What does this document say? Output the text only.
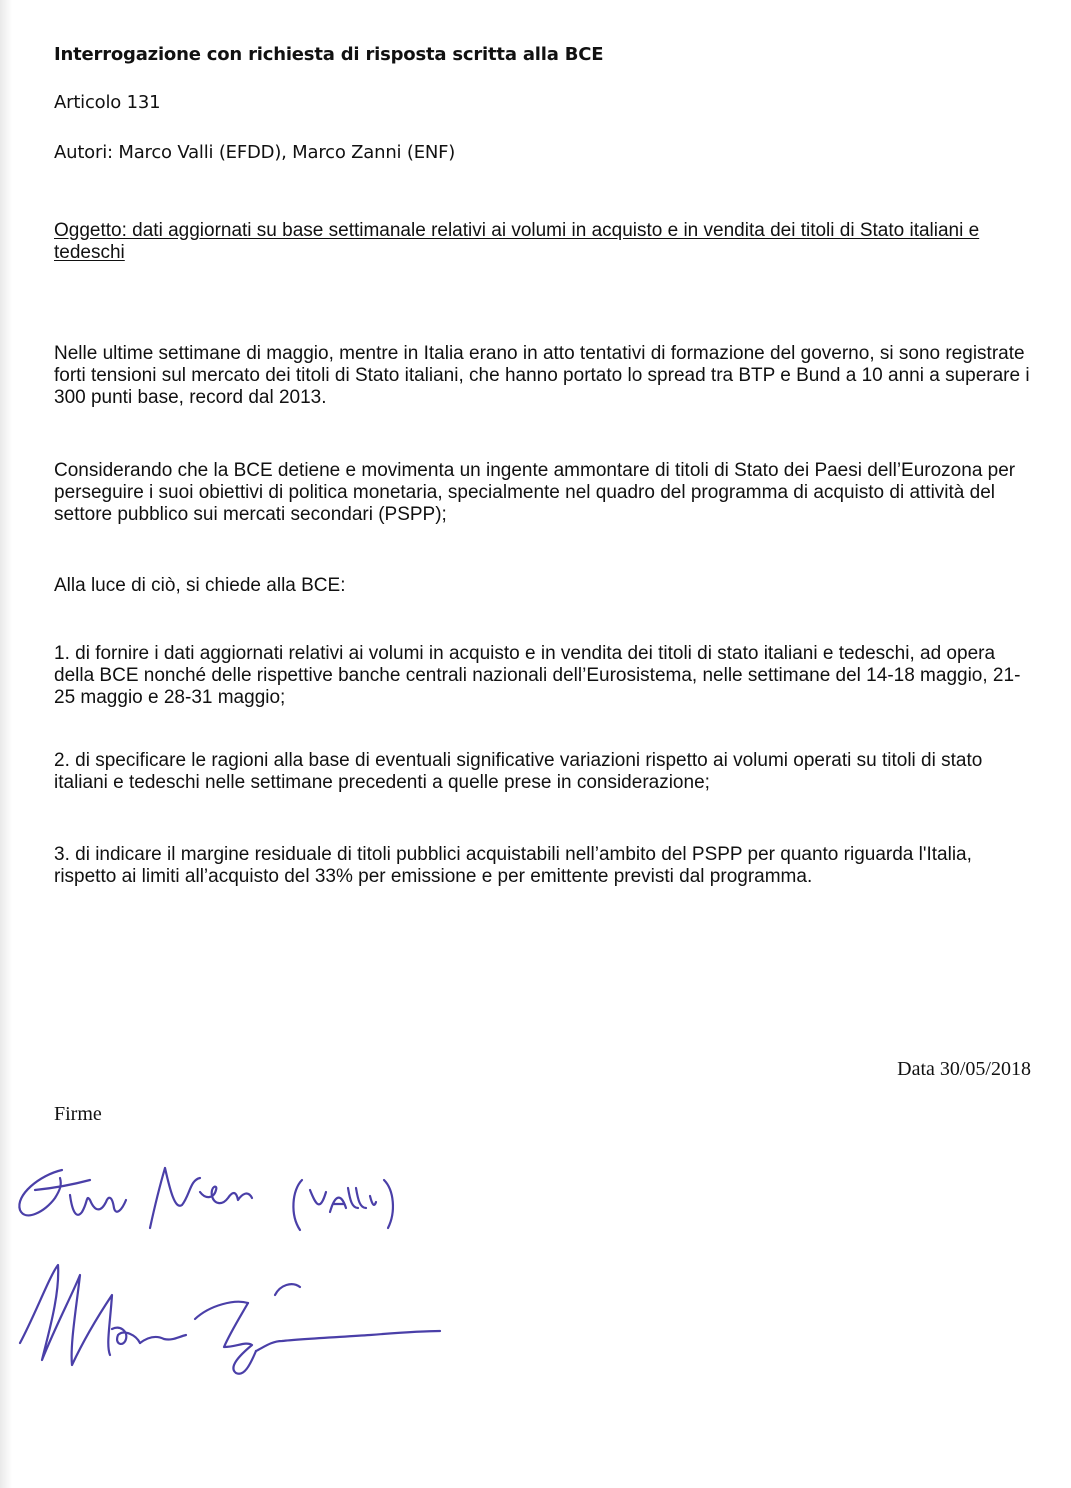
Interrogazione con richiesta di risposta scritta alla BCE
Articolo 131
Autori: Marco Valli (EFDD), Marco Zanni (ENF)
Oggetto: dati aggiornati su base settimanale relativi ai volumi in acquisto e in vendita dei titoli di Stato italiani e tedeschi

Nelle ultime settimane di maggio, mentre in Italia erano in atto tentativi di formazione del governo, si sono registrate forti tensioni sul mercato dei titoli di Stato italiani, che hanno portato lo spread tra BTP e Bund a 10 anni a superare i 300 punti base, record dal 2013.

Considerando che la BCE detiene e movimenta un ingente ammontare di titoli di Stato dei Paesi dell’Eurozona per perseguire i suoi obiettivi di politica monetaria, specialmente nel quadro del programma di acquisto di attività del settore pubblico sui mercati secondari (PSPP);

Alla luce di ciò, si chiede alla BCE:

1. di fornire i dati aggiornati relativi ai volumi in acquisto e in vendita dei titoli di stato italiani e tedeschi, ad opera della BCE nonché delle rispettive banche centrali nazionali dell’Eurosistema, nelle settimane del 14-18 maggio, 21-25 maggio e 28-31 maggio;

2. di specificare le ragioni alla base di eventuali significative variazioni rispetto ai volumi operati su titoli di stato italiani e tedeschi nelle settimane precedenti a quelle prese in considerazione;

3. di indicare il margine residuale di titoli pubblici acquistabili nell’ambito del PSPP per quanto riguarda l'Italia, rispetto ai limiti all’acquisto del 33% per emissione e per emittente previsti dal programma.

Data 30/05/2018
Firme
